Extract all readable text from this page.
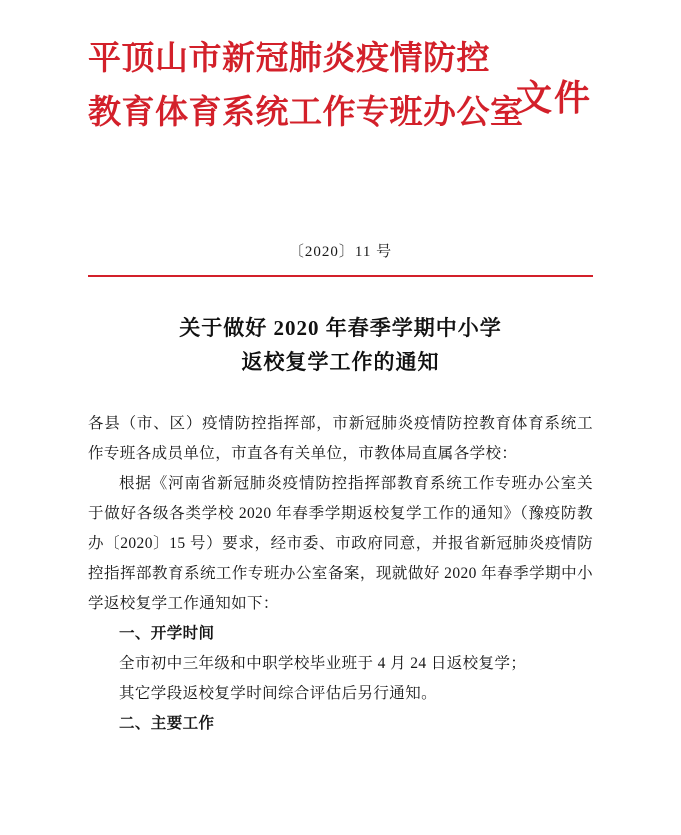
平顶山市新冠肺炎疫情防控
教育体育系统工作专班办公室
文件
〔2020〕11 号
关于做好 2020 年春季学期中小学
返校复学工作的通知

各县（市、区）疫情防控指挥部，市新冠肺炎疫情防控教育体育系统工作专班各成员单位，市直各有关单位，市教体局直属各学校：

根据《河南省新冠肺炎疫情防控指挥部教育系统工作专班办公室关于做好各级各类学校 2020 年春季学期返校复学工作的通知》（豫疫防教办〔2020〕15 号）要求，经市委、市政府同意，并报省新冠肺炎疫情防控指挥部教育系统工作专班办公室备案，现就做好 2020 年春季学期中小学返校复学工作通知如下：

一、开学时间

全市初中三年级和中职学校毕业班于 4 月 24 日返校复学；

其它学段返校复学时间综合评估后另行通知。

二、主要工作
